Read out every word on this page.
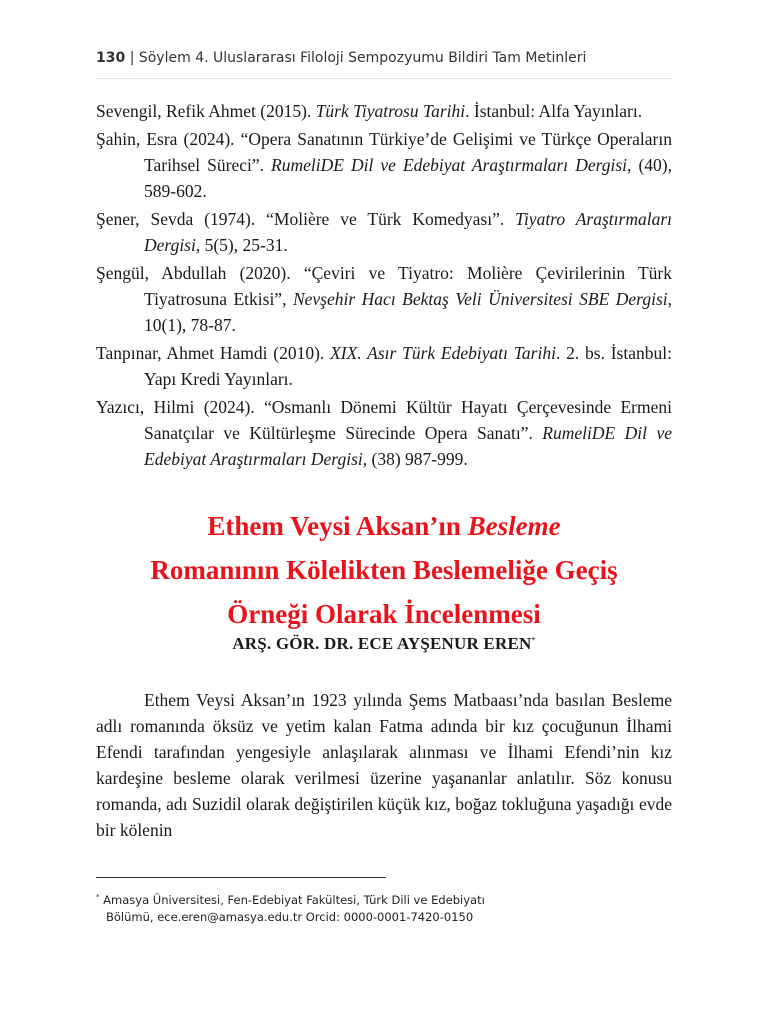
130 | Söylem 4. Uluslararası Filoloji Sempozyumu Bildiri Tam Metinleri

Sevengil, Refik Ahmet (2015). Türk Tiyatrosu Tarihi. İstanbul: Alfa Yayınları.

Şahin, Esra (2024). “Opera Sanatının Türkiye’de Gelişimi ve Türkçe Operaların Tarihsel Süreci”. RumeliDE Dil ve Edebiyat Araştırmaları Dergisi, (40), 589-602.

Şener, Sevda (1974). “Molière ve Türk Komedyası”. Tiyatro Araştırmaları Dergisi, 5(5), 25-31.

Şengül, Abdullah (2020). “Çeviri ve Tiyatro: Molière Çevirilerinin Türk Tiyatrosuna Etkisi”, Nevşehir Hacı Bektaş Veli Üniversitesi SBE Dergisi, 10(1), 78-87.

Tanpınar, Ahmet Hamdi (2010). XIX. Asır Türk Edebiyatı Tarihi. 2. bs. İstanbul: Yapı Kredi Yayınları.

Yazıcı, Hilmi (2024). “Osmanlı Dönemi Kültür Hayatı Çerçevesinde Ermeni Sanatçılar ve Kültürleşme Sürecinde Opera Sanatı”. RumeliDE Dil ve Edebiyat Araştırmaları Dergisi, (38) 987-999.

Ethem Veysi Aksan’ın Besleme
Romanının Kölelikten Beslemeliğe Geçiş
Örneği Olarak İncelenmesi
ARŞ. GÖR. DR. ECE AYŞENUR EREN*

Ethem Veysi Aksan’ın 1923 yılında Şems Matbaası’nda basılan Besleme adlı romanında öksüz ve yetim kalan Fatma adında bir kız çocuğunun İlhami Efendi tarafından yengesiyle anlaşılarak alınması ve İlhami Efendi’nin kız kardeşine besleme olarak verilmesi üzerine yaşananlar anlatılır. Söz konusu romanda, adı Suzidil olarak değiştirilen küçük kız, boğaz tokluğuna yaşadığı evde bir kölenin

* Amasya Üniversitesi, Fen-Edebiyat Fakültesi, Türk Dili ve Edebiyatı
Bölümü, ece.eren@amasya.edu.tr Orcid: 0000-0001-7420-0150
